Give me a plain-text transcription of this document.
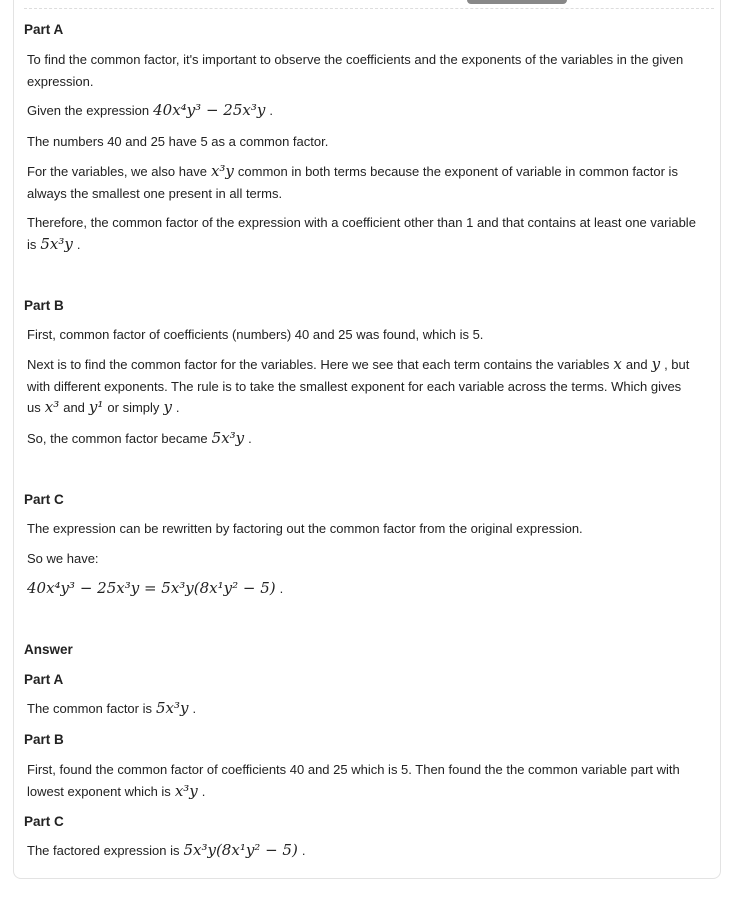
Part A

To find the common factor, it's important to observe the coefficients and the exponents of the variables in the given expression.

Given the expression 40x⁴y³ − 25x³y .

The numbers 40 and 25 have 5 as a common factor.

For the variables, we also have x³y common in both terms because the exponent of variable in common factor is always the smallest one present in all terms.

Therefore, the common factor of the expression with a coefficient other than 1 and that contains at least one variable is 5x³y .

Part B

First, common factor of coefficients (numbers) 40 and 25 was found, which is 5.

Next is to find the common factor for the variables. Here we see that each term contains the variables x and y , but with different exponents. The rule is to take the smallest exponent for each variable across the terms. Which gives us x³ and y¹ or simply y .

So, the common factor became 5x³y .

Part C

The expression can be rewritten by factoring out the common factor from the original expression.

So we have:

40x⁴y³ − 25x³y = 5x³y(8x¹y² − 5) .

Answer
Part A

The common factor is 5x³y .

Part B

First, found the common factor of coefficients 40 and 25 which is 5. Then found the the common variable part with lowest exponent which is x³y .

Part C

The factored expression is 5x³y(8x¹y² − 5) .
